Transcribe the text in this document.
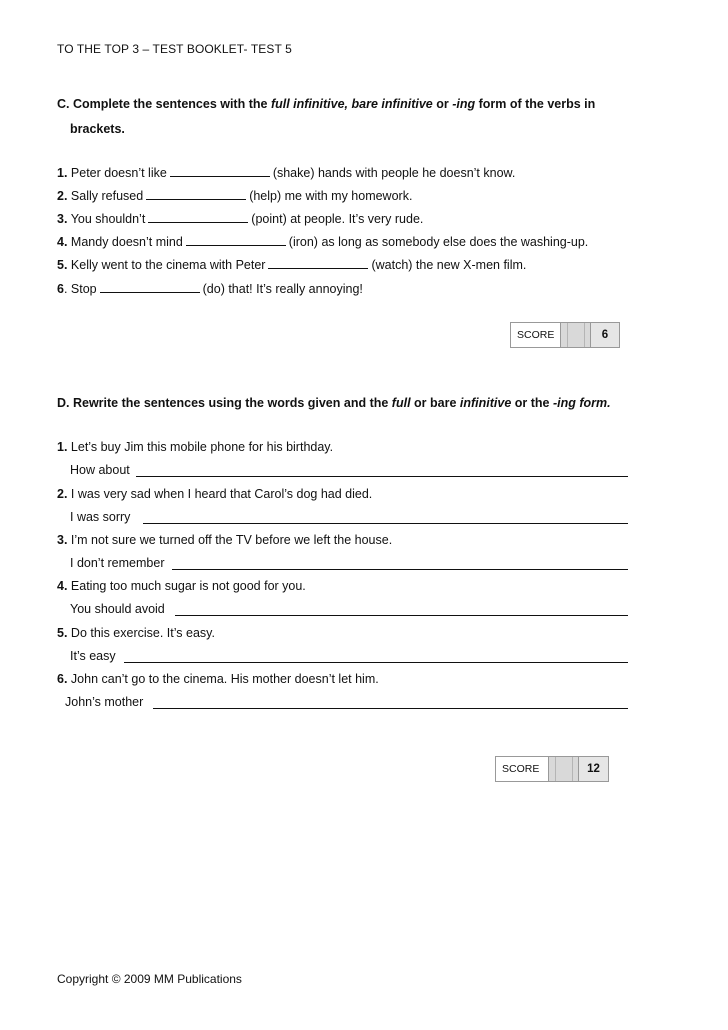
TO THE TOP 3 – TEST BOOKLET- TEST 5
C. Complete the sentences with the full infinitive, bare infinitive or -ing form of the verbs in
brackets.
1. Peter doesn’t like	(shake) hands with people he doesn’t know.
2. Sally refused	(help) me with my homework.
3. You shouldn’t	(point) at people. It’s very rude.
4. Mandy doesn’t mind	(iron) as long as somebody else does the washing-up.
5. Kelly went to the cinema with Peter	(watch) the new X-men film.
6. Stop	(do) that! It’s really annoying!
SCORE	6
D. Rewrite the sentences using the words given and the full or bare infinitive or the -ing form.
1. Let’s buy Jim this mobile phone for his birthday.
How about
2. I was very sad when I heard that Carol’s dog had died.
I was sorry
3. I’m not sure we turned off the TV before we left the house.
I don’t remember
4. Eating too much sugar is not good for you.
You should avoid
5. Do this exercise. It’s easy.
It’s easy
6. John can’t go to the cinema. His mother doesn’t let him.
John’s mother
SCORE	12
Copyright © 2009 MM Publications
